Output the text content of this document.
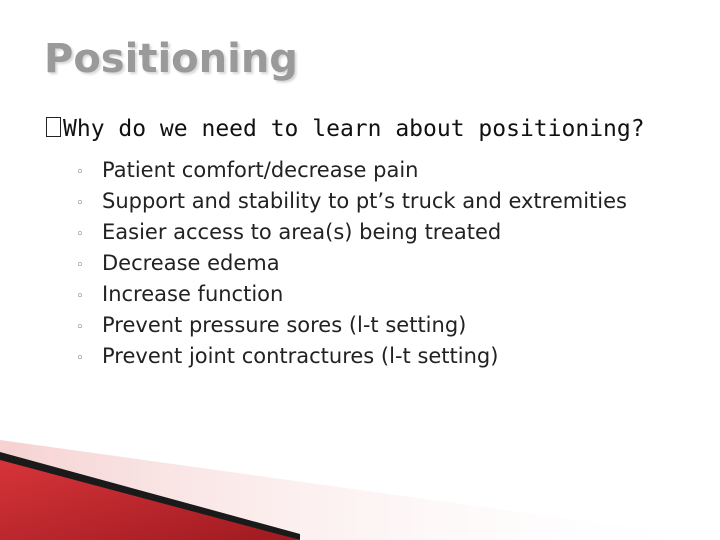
Positioning
Why do we need to learn about positioning?
◦ Patient comfort/decrease pain
◦ Support and stability to pt’s truck and extremities
◦ Easier access to area(s) being treated
◦ Decrease edema
◦ Increase function
◦ Prevent pressure sores (l-t setting)
◦ Prevent joint contractures (l-t setting)
